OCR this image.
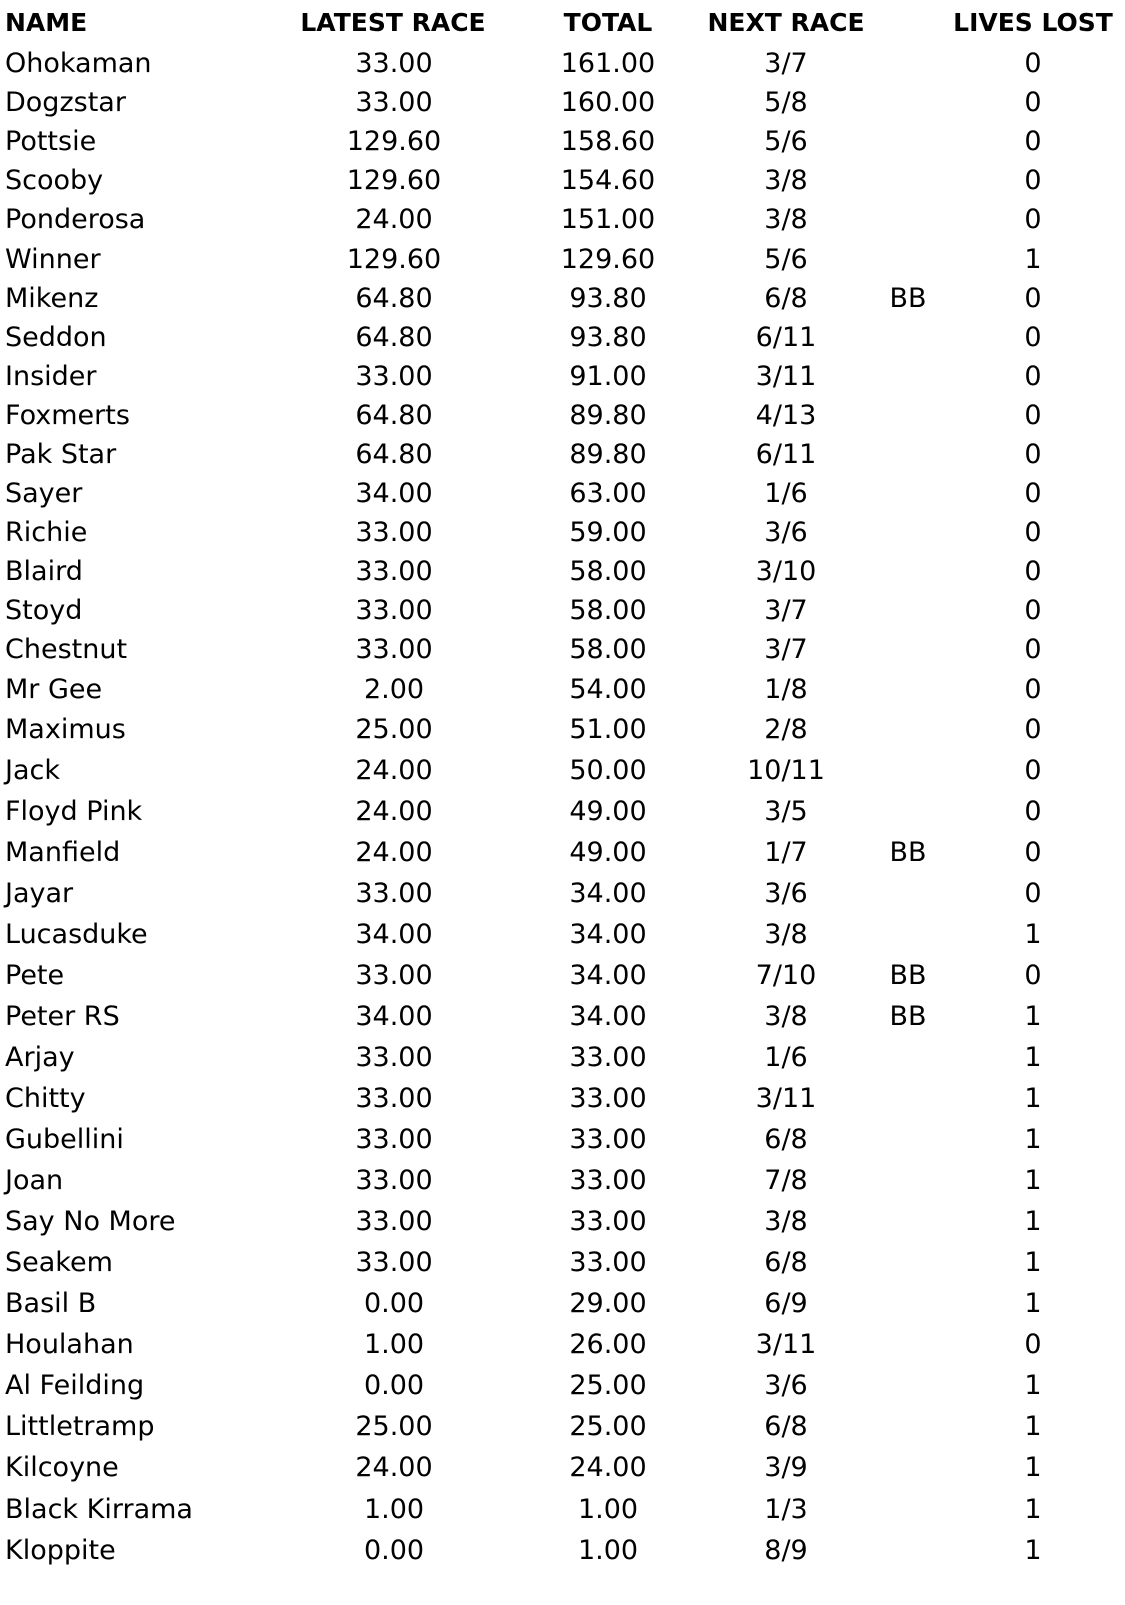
NAME	LATEST RACE	TOTAL	NEXT RACE	LIVES LOST
Ohokaman	33.00	161.00	3/7	0
Dogzstar	33.00	160.00	5/8	0
Pottsie	129.60	158.60	5/6	0
Scooby	129.60	154.60	3/8	0
Ponderosa	24.00	151.00	3/8	0
Winner	129.60	129.60	5/6	1
Mikenz	64.80	93.80	6/8	BB	0
Seddon	64.80	93.80	6/11	0
Insider	33.00	91.00	3/11	0
Foxmerts	64.80	89.80	4/13	0
Pak Star	64.80	89.80	6/11	0
Sayer	34.00	63.00	1/6	0
Richie	33.00	59.00	3/6	0
Blaird	33.00	58.00	3/10	0
Stoyd	33.00	58.00	3/7	0
Chestnut	33.00	58.00	3/7	0
Mr Gee	2.00	54.00	1/8	0
Maximus	25.00	51.00	2/8	0
Jack	24.00	50.00	10/11	0
Floyd Pink	24.00	49.00	3/5	0
Manfield	24.00	49.00	1/7	BB	0
Jayar	33.00	34.00	3/6	0
Lucasduke	34.00	34.00	3/8	1
Pete	33.00	34.00	7/10	BB	0
Peter RS	34.00	34.00	3/8	BB	1
Arjay	33.00	33.00	1/6	1
Chitty	33.00	33.00	3/11	1
Gubellini	33.00	33.00	6/8	1
Joan	33.00	33.00	7/8	1
Say No More	33.00	33.00	3/8	1
Seakem	33.00	33.00	6/8	1
Basil B	0.00	29.00	6/9	1
Houlahan	1.00	26.00	3/11	0
Al Feilding	0.00	25.00	3/6	1
Littletramp	25.00	25.00	6/8	1
Kilcoyne	24.00	24.00	3/9	1
Black Kirrama	1.00	1.00	1/3	1
Kloppite	0.00	1.00	8/9	1
